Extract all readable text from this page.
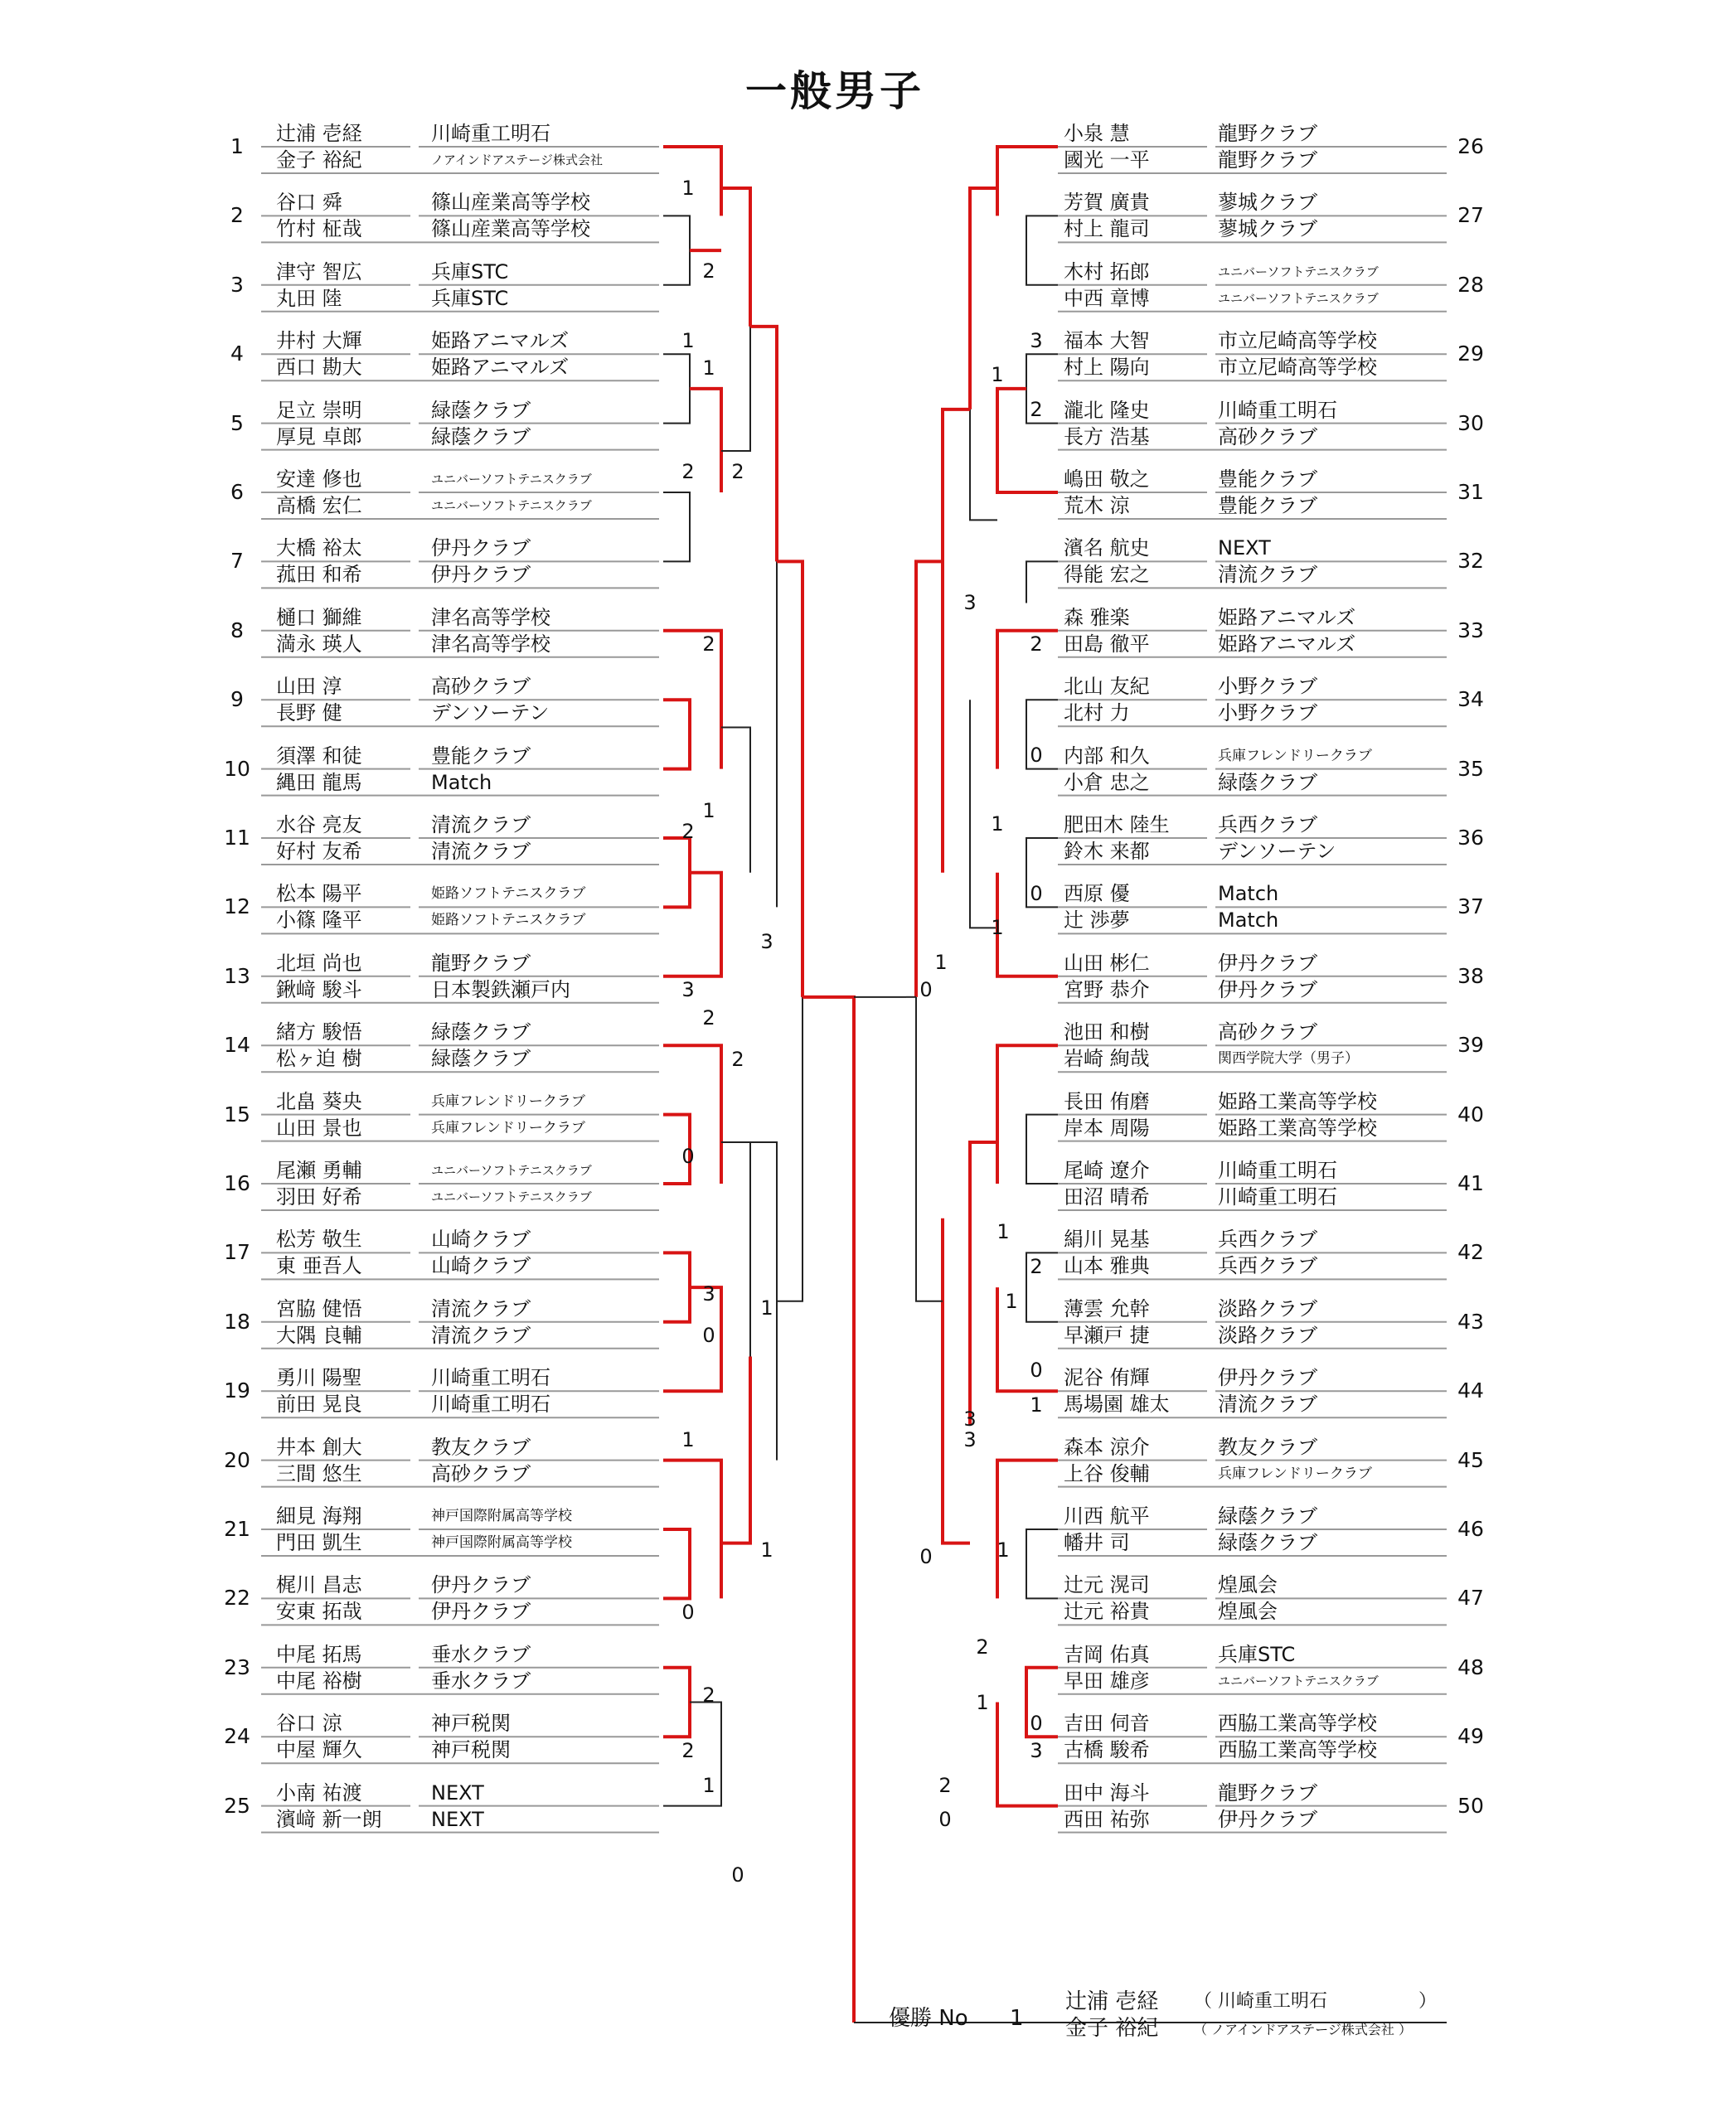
一般男子
1
辻浦 壱経
金子 裕紀
川崎重工明石
ノアインドアステージ株式会社
2
谷口 舜
竹村 柾哉
篠山産業高等学校
篠山産業高等学校
3
津守 智広
丸田 陸
兵庫STC
兵庫STC
4
井村 大輝
西口 勘大
姫路アニマルズ
姫路アニマルズ
5
足立 崇明
厚見 卓郎
緑蔭クラブ
緑蔭クラブ
6
安達 修也
高橋 宏仁
ユニバーソフトテニスクラブ
ユニバーソフトテニスクラブ
7
大橋 裕太
菰田 和希
伊丹クラブ
伊丹クラブ
8
樋口 獅維
満永 瑛人
津名高等学校
津名高等学校
9
山田 淳
長野 健
高砂クラブ
デンソーテン
10
須澤 和徒
縄田 龍馬
豊能クラブ
Match
11
水谷 亮友
好村 友希
清流クラブ
清流クラブ
12
松本 陽平
小篠 隆平
姫路ソフトテニスクラブ
姫路ソフトテニスクラブ
13
北垣 尚也
鍬﨑 駿斗
龍野クラブ
日本製鉄瀬戸内
14
緒方 駿悟
松ヶ迫 樹
緑蔭クラブ
緑蔭クラブ
15
北畠 葵央
山田 景也
兵庫フレンドリークラブ
兵庫フレンドリークラブ
16
尾瀬 勇輔
羽田 好希
ユニバーソフトテニスクラブ
ユニバーソフトテニスクラブ
17
松芳 敬生
東 亜吾人
山崎クラブ
山崎クラブ
18
宮脇 健悟
大隅 良輔
清流クラブ
清流クラブ
19
勇川 陽聖
前田 晃良
川崎重工明石
川崎重工明石
20
井本 創大
三間 悠生
教友クラブ
高砂クラブ
21
細見 海翔
門田 凱生
神戸国際附属高等学校
神戸国際附属高等学校
22
梶川 昌志
安東 拓哉
伊丹クラブ
伊丹クラブ
23
中尾 拓馬
中尾 裕樹
垂水クラブ
垂水クラブ
24
谷口 涼
中屋 輝久
神戸税関
神戸税関
25
小南 祐渡
濱﨑 新一朗
NEXT
NEXT
26
小泉 慧
國光 一平
龍野クラブ
龍野クラブ
27
芳賀 廣貴
村上 龍司
蓼城クラブ
蓼城クラブ
28
木村 拓郎
中西 章博
ユニバーソフトテニスクラブ
ユニバーソフトテニスクラブ
29
福本 大智
村上 陽向
市立尼崎高等学校
市立尼崎高等学校
30
瀧北 隆史
長方 浩基
川崎重工明石
高砂クラブ
31
嶋田 敬之
荒木 涼
豊能クラブ
豊能クラブ
32
濱名 航史
得能 宏之
NEXT
清流クラブ
33
森 雅楽
田島 徹平
姫路アニマルズ
姫路アニマルズ
34
北山 友紀
北村 力
小野クラブ
小野クラブ
35
内部 和久
小倉 忠之
兵庫フレンドリークラブ
緑蔭クラブ
36
肥田木 陸生
鈴木 来都
兵西クラブ
デンソーテン
37
西原 優
辻 渉夢
Match
Match
38
山田 彬仁
宮野 恭介
伊丹クラブ
伊丹クラブ
39
池田 和樹
岩崎 絢哉
高砂クラブ
関西学院大学（男子）
40
長田 侑磨
岸本 周陽
姫路工業高等学校
姫路工業高等学校
41
尾崎 遼介
田沼 晴希
川崎重工明石
川崎重工明石
42
絹川 晃基
山本 雅典
兵西クラブ
兵西クラブ
43
薄雲 允幹
早瀬戸 捷
淡路クラブ
淡路クラブ
44
泥谷 侑輝
馬場園 雄太
伊丹クラブ
清流クラブ
45
森本 涼介
上谷 俊輔
教友クラブ
兵庫フレンドリークラブ
46
川西 航平
幡井 司
緑蔭クラブ
緑蔭クラブ
47
辻元 滉司
辻元 裕貴
煌風会
煌風会
48
吉岡 佑真
早田 雄彦
兵庫STC
ユニバーソフトテニスクラブ
49
吉田 伺音
古橋 駿希
西脇工業高等学校
西脇工業高等学校
50
田中 海斗
西田 祐弥
龍野クラブ
伊丹クラブ
1
2
1
1
2	2
2
1
2
3
3
2
2
0
3
1
0
1
1
0
2
2
1
0
0
3
1
2
3
2
0
1
0
1
1
1
3
1
2
1
3
0
2
1
0
3
1
2
0
0
優勝 No 1
辻浦 壱経
金子 裕紀
（ 川崎重工明石　　　　　）
（ ノアインドアステージ株式会社 ）
